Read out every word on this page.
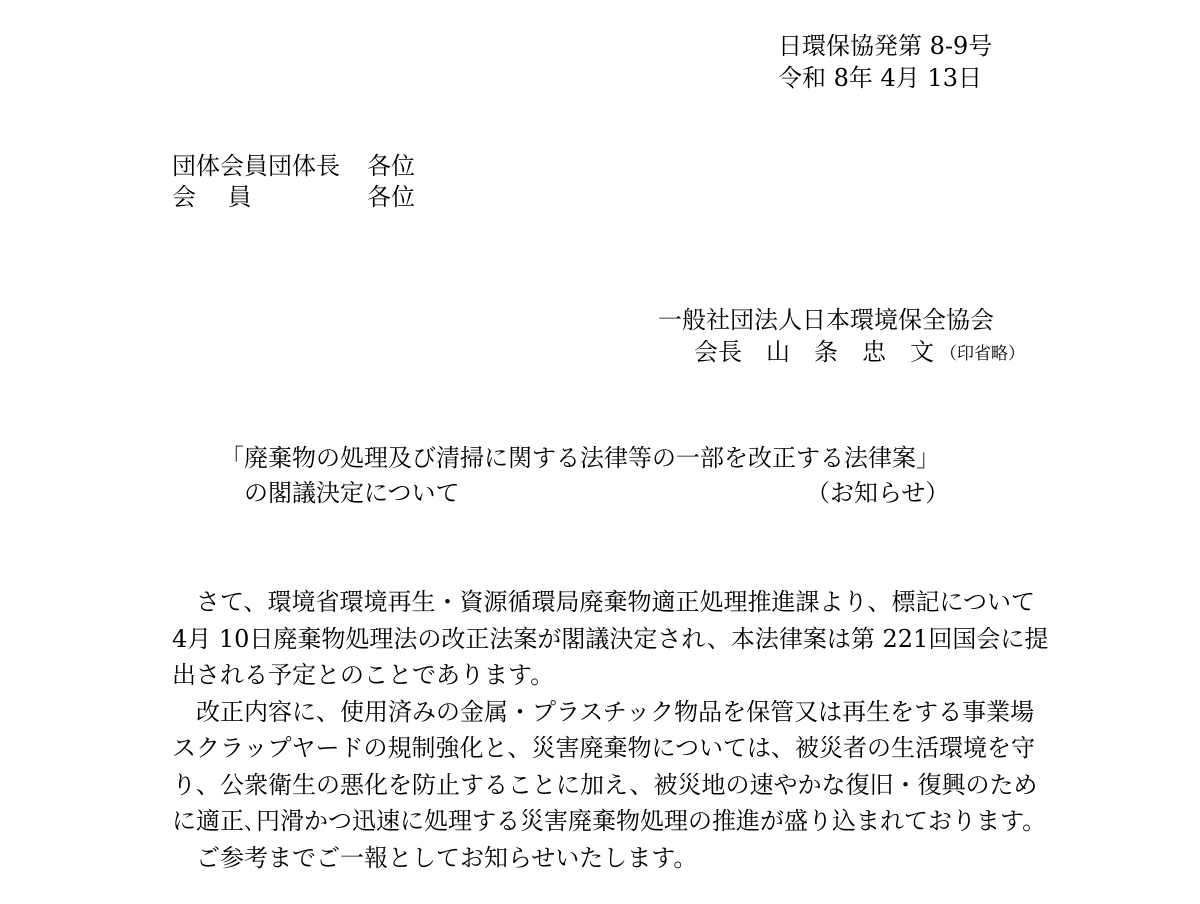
日環保協発第 8-9号
令和 8年 4月 13日
団体会員団体長 各位
会　 員	各位
一般社団法人日本環境保全協会
会長　山　条　忠　文 （印省略）
「廃棄物の処理及び清掃に関する法律等の一部を改正する法律案」
の閣議決定について	（お知らせ）

さて、環境省環境再生・資源循環局廃棄物適正処理推進課より、標記について

4月 10日廃棄物処理法の改正法案が閣議決定され、本法律案は第 221回国会に提

出される予定とのことであります。

改正内容に、使用済みの金属・プラスチック物品を保管又は再生をする事業場

スクラップヤードの規制強化と、災害廃棄物については、被災者の生活環境を守

り、公衆衛生の悪化を防止することに加え、被災地の速やかな復旧・復興のため

に適正､円滑かつ迅速に処理する災害廃棄物処理の推進が盛り込まれております。

ご参考までご一報としてお知らせいたします。
